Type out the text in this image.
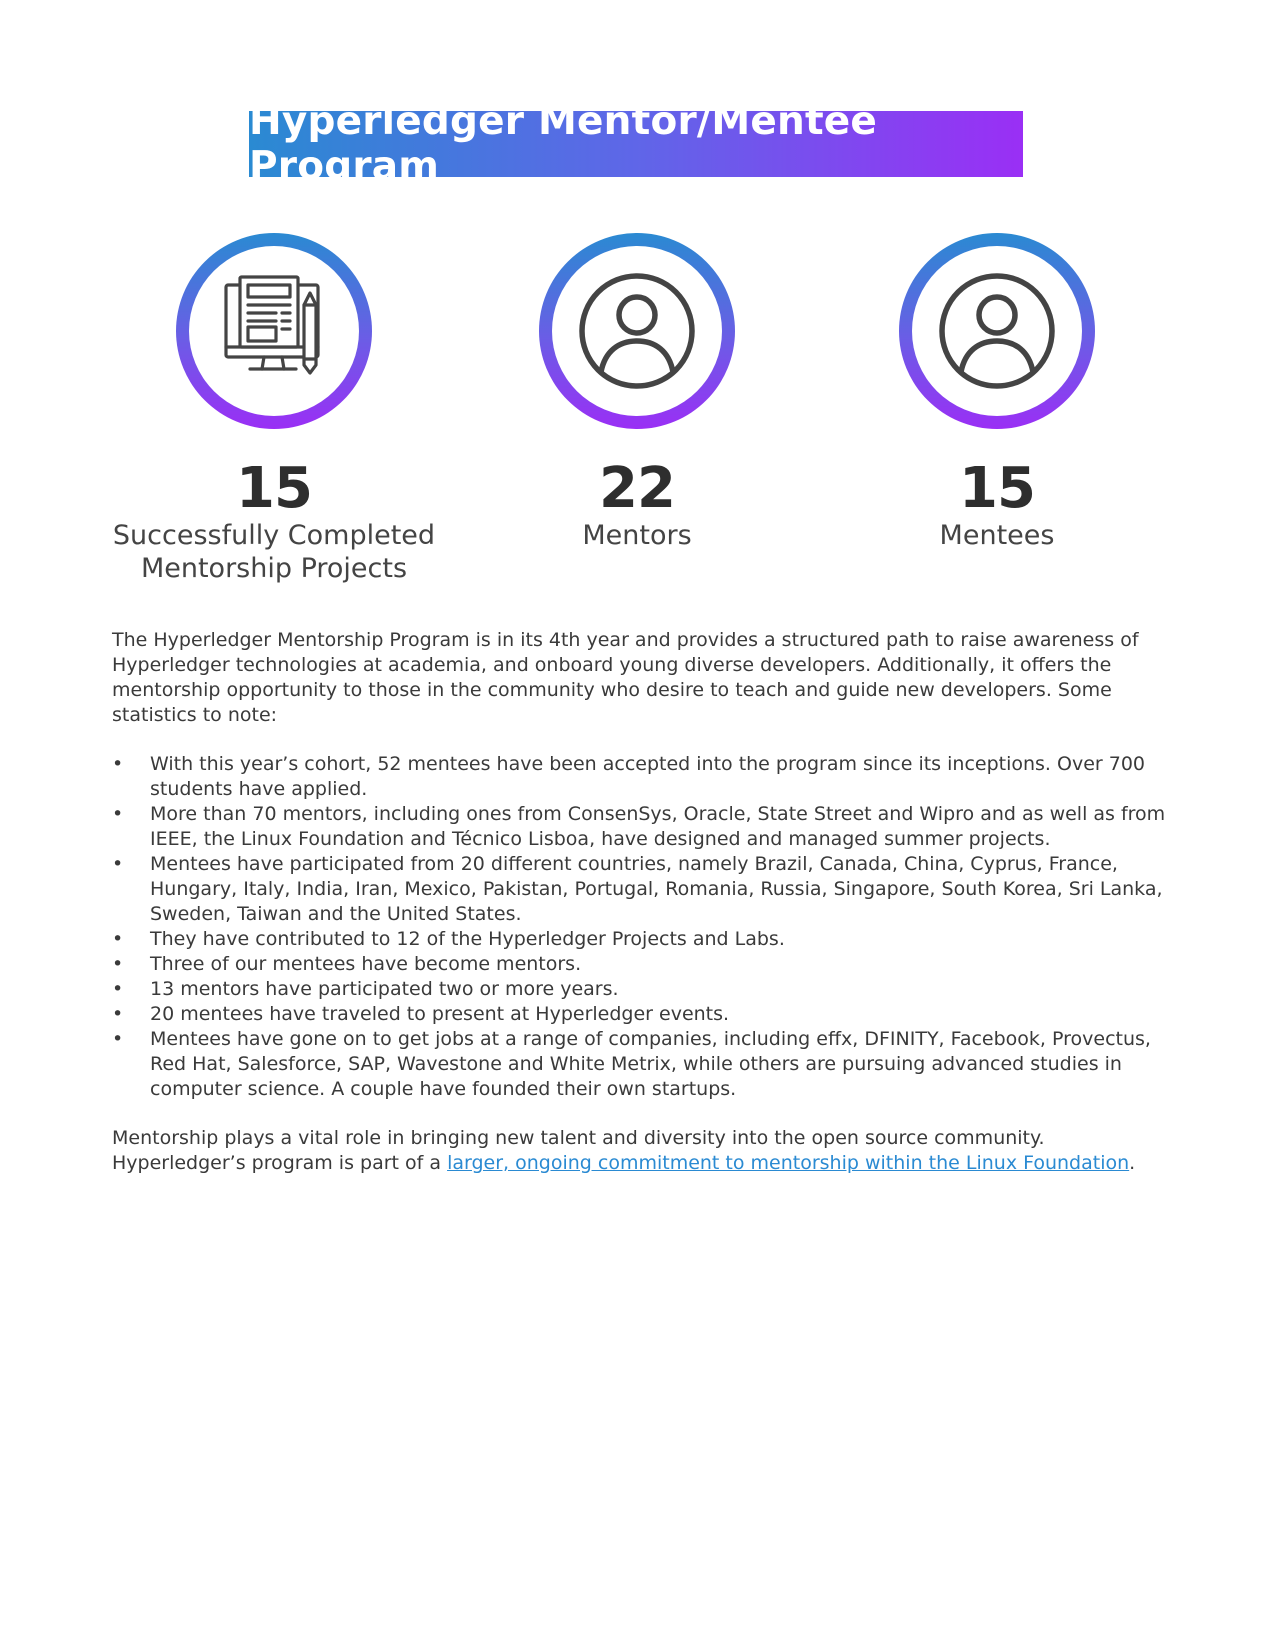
Hyperledger Mentor/Mentee Program
15
Successfully Completed
Mentorship Projects
22
Mentors
15
Mentees

The Hyperledger Mentorship Program is in its 4th year and provides a structured path to raise awareness of Hyperledger technologies at academia, and onboard young diverse developers. Additionally, it offers the mentorship opportunity to those in the community who desire to teach and guide new developers. Some statistics to note:

• With this year’s cohort, 52 mentees have been accepted into the program since its inceptions. Over 700 students have applied.
• More than 70 mentors, including ones from ConsenSys, Oracle, State Street and Wipro and as well as from IEEE, the Linux Foundation and Técnico Lisboa, have designed and managed summer projects.
• Mentees have participated from 20 different countries, namely Brazil, Canada, China, Cyprus, France, Hungary, Italy, India, Iran, Mexico, Pakistan, Portugal, Romania, Russia, Singapore, South Korea, Sri Lanka, Sweden, Taiwan and the United States.
• They have contributed to 12 of the Hyperledger Projects and Labs.
• Three of our mentees have become mentors.
• 13 mentors have participated two or more years.
• 20 mentees have traveled to present at Hyperledger events.
• Mentees have gone on to get jobs at a range of companies, including effx, DFINITY, Facebook, Provectus, Red Hat, Salesforce, SAP, Wavestone and White Metrix, while others are pursuing advanced studies in computer science. A couple have founded their own startups.

Mentorship plays a vital role in bringing new talent and diversity into the open source community. Hyperledger’s program is part of a larger, ongoing commitment to mentorship within the Linux Foundation.
